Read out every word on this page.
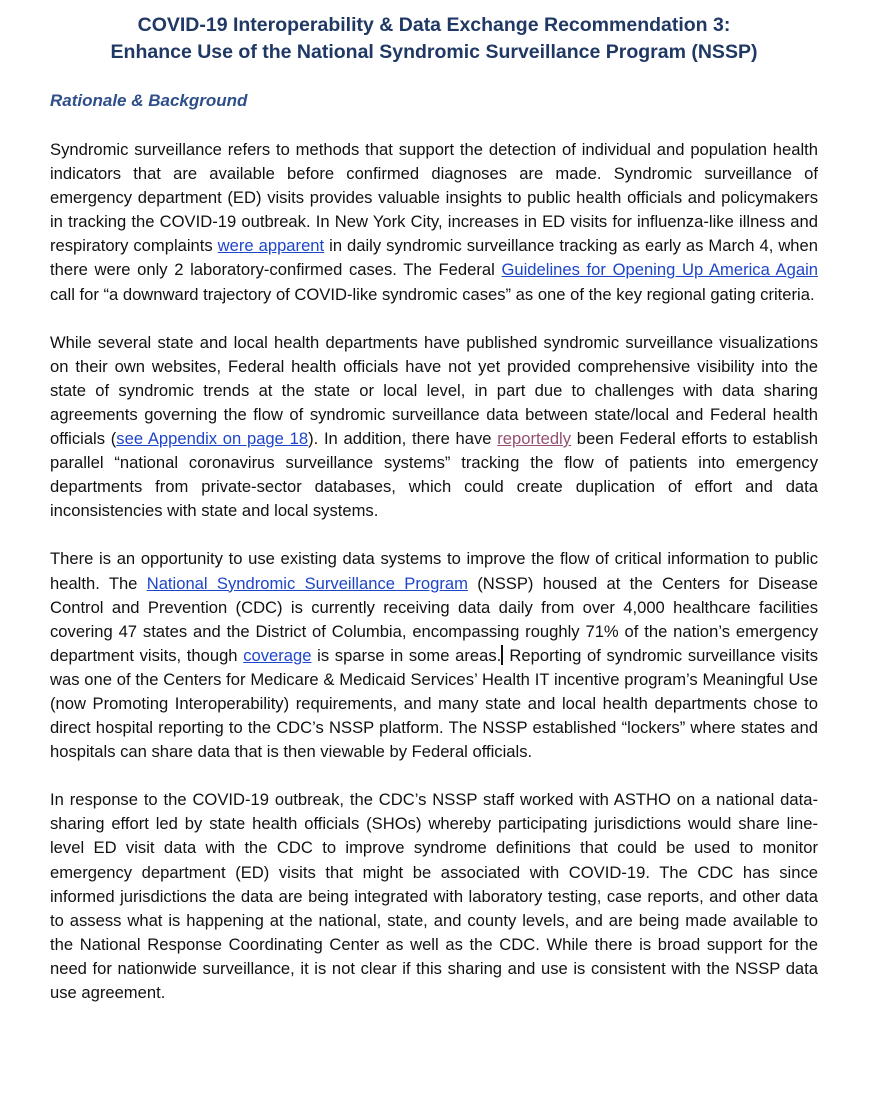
COVID-19 Interoperability & Data Exchange Recommendation 3:
Enhance Use of the National Syndromic Surveillance Program (NSSP)
Rationale & Background

Syndromic surveillance refers to methods that support the detection of individual and population health indicators that are available before confirmed diagnoses are made. Syndromic surveillance of emergency department (ED) visits provides valuable insights to public health officials and policymakers in tracking the COVID-19 outbreak. In New York City, increases in ED visits for influenza-like illness and respiratory complaints were apparent in daily syndromic surveillance tracking as early as March 4, when there were only 2 laboratory-confirmed cases. The Federal Guidelines for Opening Up America Again call for “a downward trajectory of COVID-like syndromic cases” as one of the key regional gating criteria.

While several state and local health departments have published syndromic surveillance visualizations on their own websites, Federal health officials have not yet provided comprehensive visibility into the state of syndromic trends at the state or local level, in part due to challenges with data sharing agreements governing the flow of syndromic surveillance data between state/local and Federal health officials (see Appendix on page 18). In addition, there have reportedly been Federal efforts to establish parallel “national coronavirus surveillance systems” tracking the flow of patients into emergency departments from private-sector databases, which could create duplication of effort and data inconsistencies with state and local systems.

There is an opportunity to use existing data systems to improve the flow of critical information to public health. The National Syndromic Surveillance Program (NSSP) housed at the Centers for Disease Control and Prevention (CDC) is currently receiving data daily from over 4,000 healthcare facilities covering 47 states and the District of Columbia, encompassing roughly 71% of the nation’s emergency department visits, though coverage is sparse in some areas. Reporting of syndromic surveillance visits was one of the Centers for Medicare & Medicaid Services’ Health IT incentive program’s Meaningful Use (now Promoting Interoperability) requirements, and many state and local health departments chose to direct hospital reporting to the CDC’s NSSP platform. The NSSP established “lockers” where states and hospitals can share data that is then viewable by Federal officials.

In response to the COVID-19 outbreak, the CDC’s NSSP staff worked with ASTHO on a national data-sharing effort led by state health officials (SHOs) whereby participating jurisdictions would share line-level ED visit data with the CDC to improve syndrome definitions that could be used to monitor emergency department (ED) visits that might be associated with COVID-19. The CDC has since informed jurisdictions the data are being integrated with laboratory testing, case reports, and other data to assess what is happening at the national, state, and county levels, and are being made available to the National Response Coordinating Center as well as the CDC. While there is broad support for the need for nationwide surveillance, it is not clear if this sharing and use is consistent with the NSSP data use agreement.
